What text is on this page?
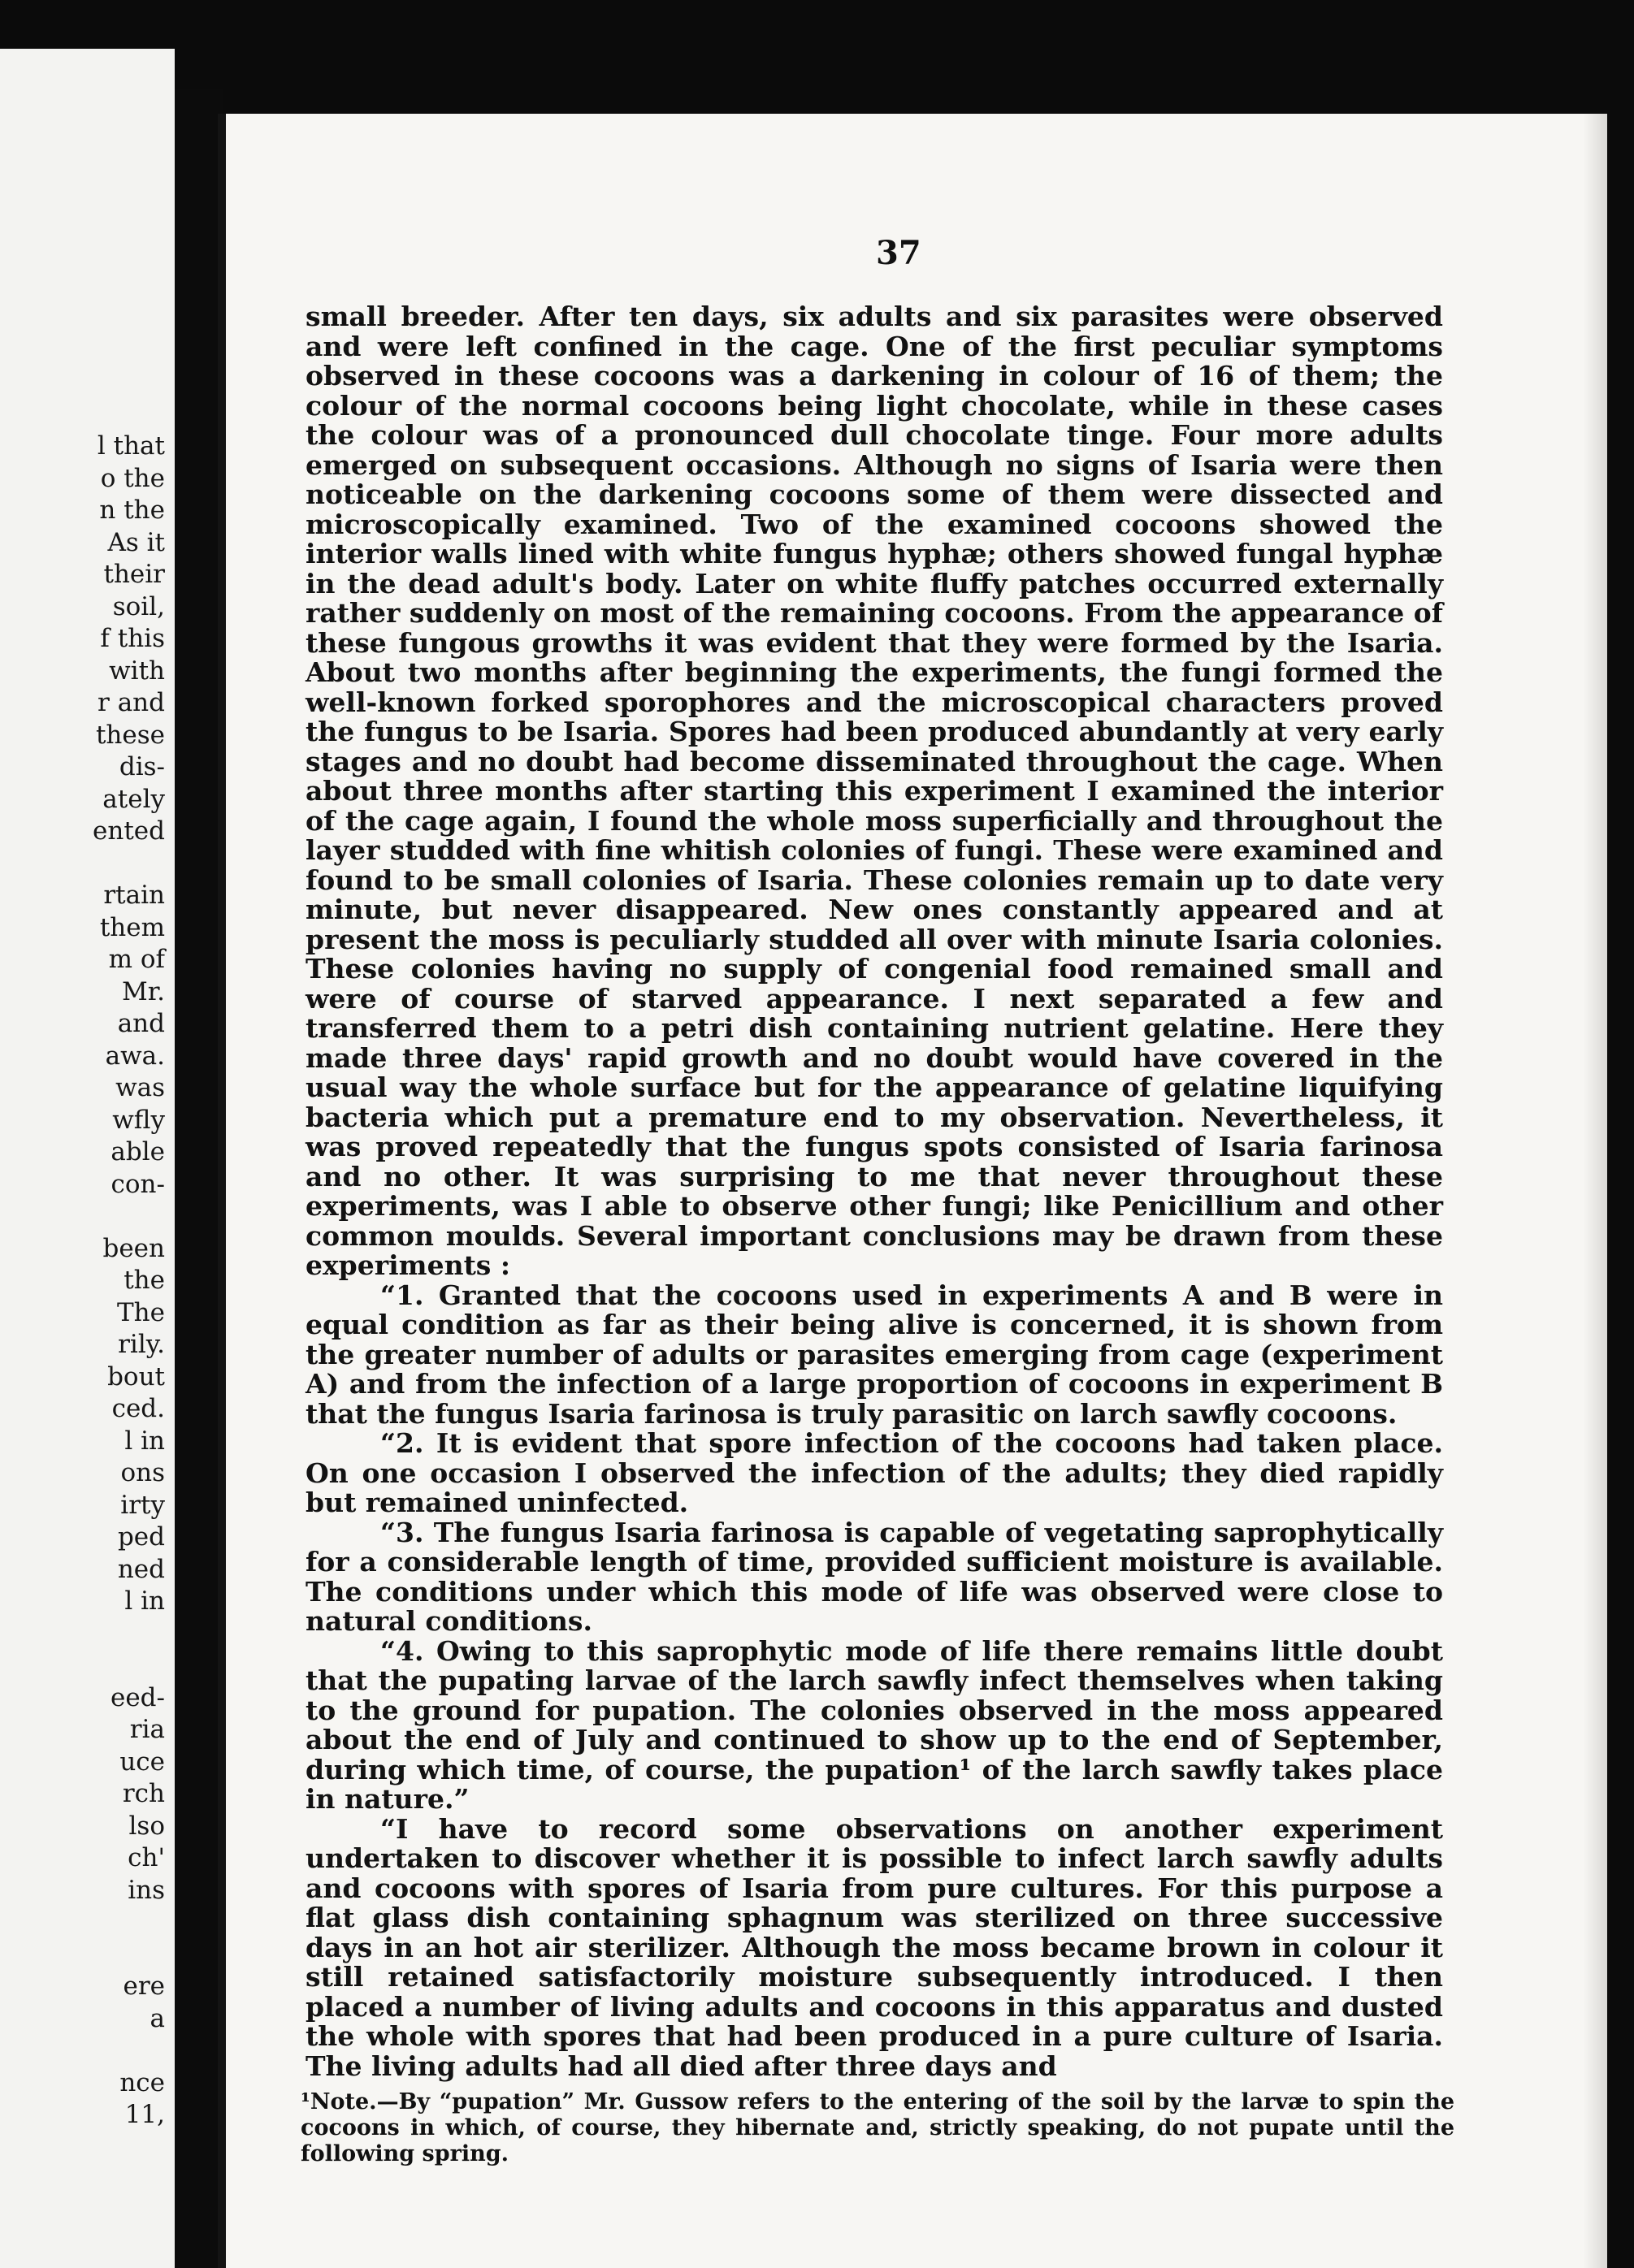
l that
o the
n the
As it
their
soil,
f this
with
r and
these
dis-
ately
ented
rtain
them
m of
Mr.
and
awa.
was
wfly
able
con-
been
the
The
rily.
bout
ced.
l in
ons
irty
ped
ned
l in
eed-
ria
uce
rch
lso
ch'
ins
ere
a
nce
11,
37

small breeder. After ten days, six adults and six parasites were observed and were left confined in the cage. One of the first peculiar symptoms observed in these cocoons was a darkening in colour of 16 of them; the colour of the normal cocoons being light chocolate, while in these cases the colour was of a pronounced dull chocolate tinge. Four more adults emerged on subsequent occasions. Although no signs of Isaria were then noticeable on the darkening cocoons some of them were dissected and microscopically examined. Two of the examined cocoons showed the interior walls lined with white fungus hyphæ; others showed fungal hyphæ in the dead adult's body. Later on white fluffy patches occurred externally rather suddenly on most of the remaining cocoons. From the appearance of these fungous growths it was evident that they were formed by the Isaria. About two months after beginning the experiments, the fungi formed the well-known forked sporophores and the microscopical characters proved the fungus to be Isaria. Spores had been produced abundantly at very early stages and no doubt had become disseminated throughout the cage. When about three months after starting this experiment I examined the interior of the cage again, I found the whole moss superficially and throughout the layer studded with fine whitish colonies of fungi. These were examined and found to be small colonies of Isaria. These colonies remain up to date very minute, but never disappeared. New ones constantly appeared and at present the moss is peculiarly studded all over with minute Isaria colonies. These colonies having no supply of congenial food remained small and were of course of starved appearance. I next separated a few and transferred them to a petri dish containing nutrient gelatine. Here they made three days' rapid growth and no doubt would have covered in the usual way the whole surface but for the appearance of gelatine liquifying bacteria which put a premature end to my observation. Nevertheless, it was proved repeatedly that the fungus spots consisted of Isaria farinosa and no other. It was surprising to me that never throughout these experiments, was I able to observe other fungi; like Penicillium and other common moulds. Several important conclusions may be drawn from these experiments :

“1. Granted that the cocoons used in experiments A and B were in equal condition as far as their being alive is concerned, it is shown from the greater number of adults or parasites emerging from cage (experiment A) and from the infection of a large proportion of cocoons in experiment B that the fungus Isaria farinosa is truly parasitic on larch sawfly cocoons.

“2. It is evident that spore infection of the cocoons had taken place. On one occasion I observed the infection of the adults; they died rapidly but remained uninfected.

“3. The fungus Isaria farinosa is capable of vegetating saprophytically for a considerable length of time, provided sufficient moisture is available. The conditions under which this mode of life was observed were close to natural conditions.

“4. Owing to this saprophytic mode of life there remains little doubt that the pupating larvae of the larch sawfly infect themselves when taking to the ground for pupation. The colonies observed in the moss appeared about the end of July and continued to show up to the end of September, during which time, of course, the pupation¹ of the larch sawfly takes place in nature.”

“I have to record some observations on another experiment undertaken to discover whether it is possible to infect larch sawfly adults and cocoons with spores of Isaria from pure cultures. For this purpose a flat glass dish containing sphagnum was sterilized on three successive days in an hot air sterilizer. Although the moss became brown in colour it still retained satisfactorily moisture subsequently introduced. I then placed a number of living adults and cocoons in this apparatus and dusted the whole with spores that had been produced in a pure culture of Isaria. The living adults had all died after three days and

¹Note.—By “pupation” Mr. Gussow refers to the entering of the soil by the larvæ to spin the cocoons in which, of course, they hibernate and, strictly speaking, do not pupate until the following spring.
